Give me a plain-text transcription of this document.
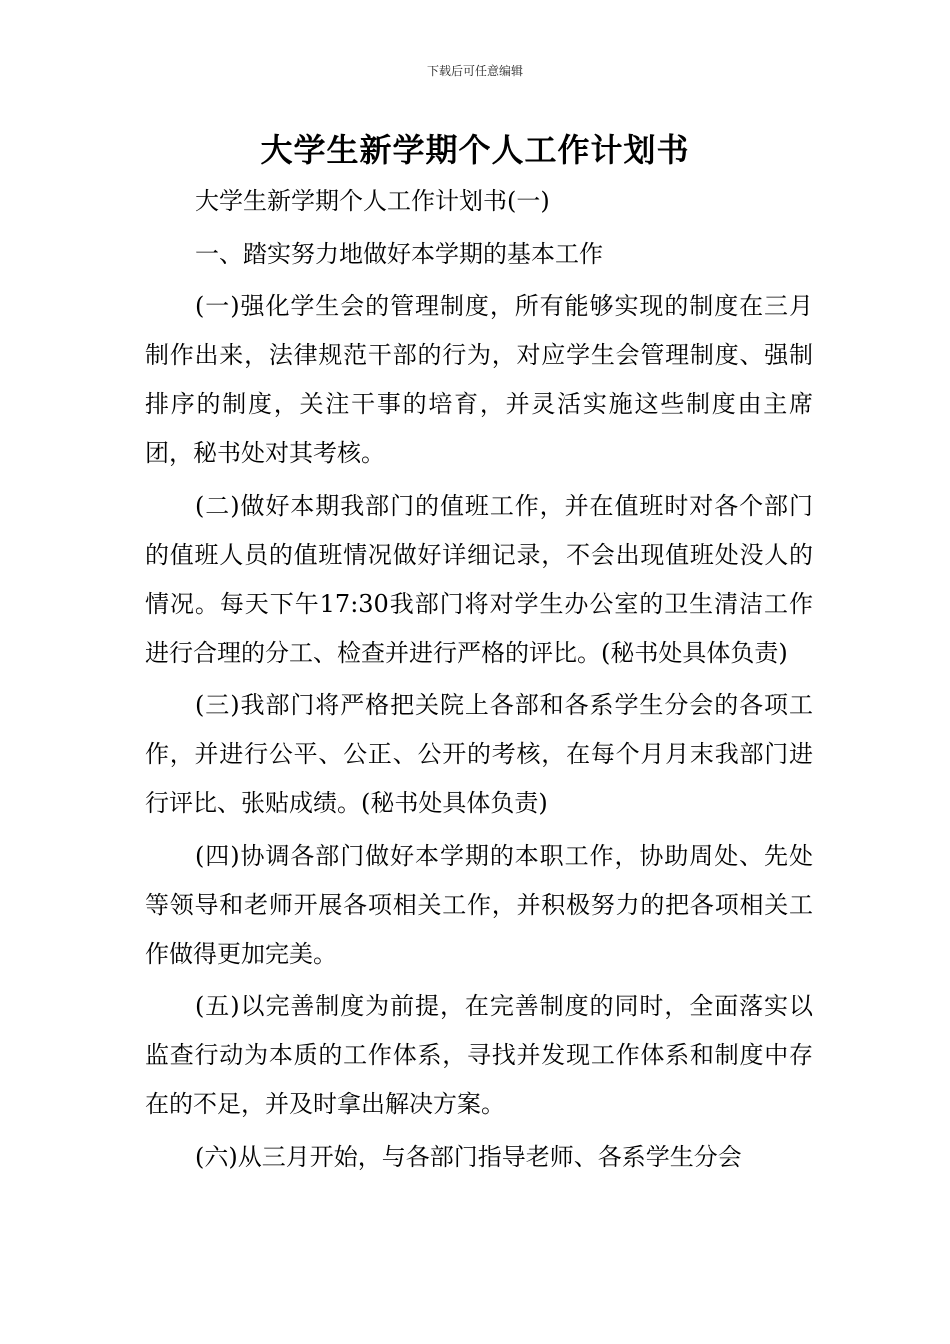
下载后可任意编辑
大学生新学期个人工作计划书

大学生新学期个人工作计划书(一)

一、踏实努力地做好本学期的基本工作

(一)强化学生会的管理制度，所有能够实现的制度在三月制作出来，法律规范干部的行为，对应学生会管理制度、强制排序的制度，关注干事的培育，并灵活实施这些制度由主席团，秘书处对其考核。

(二)做好本期我部门的值班工作，并在值班时对各个部门的值班人员的值班情况做好详细记录，不会出现值班处没人的情况。每天下午17:30我部门将对学生办公室的卫生清洁工作进行合理的分工、检查并进行严格的评比。(秘书处具体负责)

(三)我部门将严格把关院上各部和各系学生分会的各项工作，并进行公平、公正、公开的考核，在每个月月末我部门进行评比、张贴成绩。(秘书处具体负责)

(四)协调各部门做好本学期的本职工作，协助周处、先处等领导和老师开展各项相关工作，并积极努力的把各项相关工作做得更加完美。

(五)以完善制度为前提，在完善制度的同时，全面落实以监查行动为本质的工作体系，寻找并发现工作体系和制度中存在的不足，并及时拿出解决方案。

(六)从三月开始，与各部门指导老师、各系学生分会
